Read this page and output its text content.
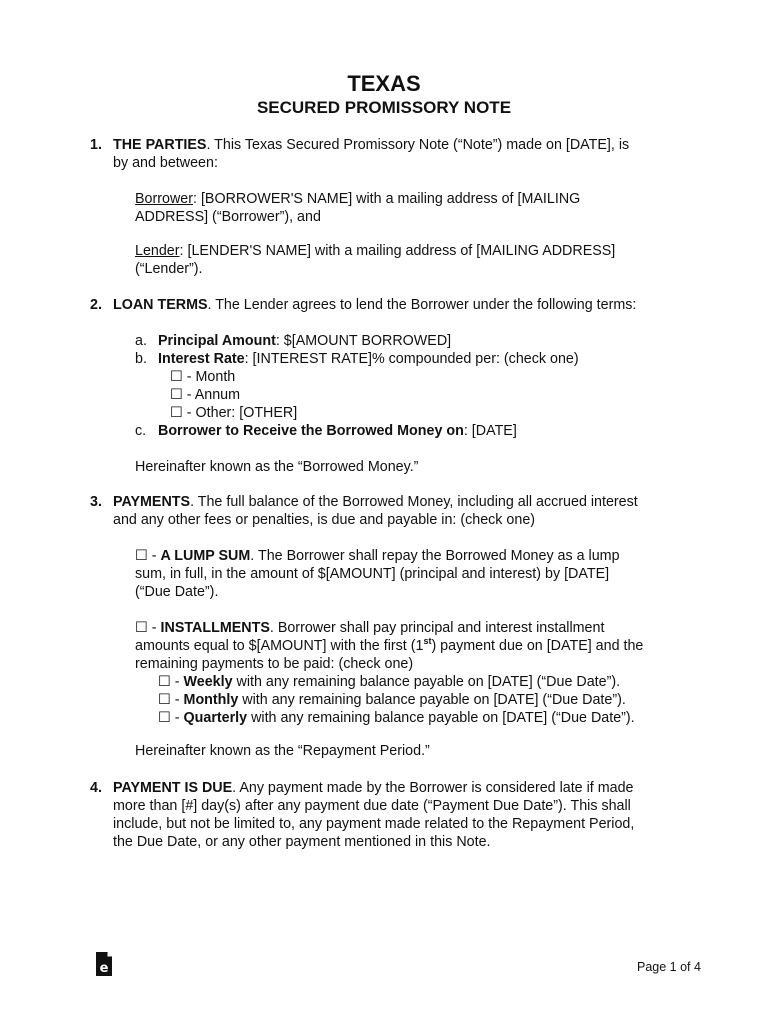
TEXAS
SECURED PROMISSORY NOTE
1. THE PARTIES. This Texas Secured Promissory Note (“Note”) made on [DATE], is
by and between:
Borrower: [BORROWER'S NAME] with a mailing address of [MAILING
ADDRESS] (“Borrower”), and
Lender: [LENDER'S NAME] with a mailing address of [MAILING ADDRESS]
(“Lender”).
2. LOAN TERMS. The Lender agrees to lend the Borrower under the following terms:
a. Principal Amount: $[AMOUNT BORROWED]
b. Interest Rate: [INTEREST RATE]% compounded per: (check one)
☐ - Month
☐ - Annum
☐ - Other: [OTHER]
c. Borrower to Receive the Borrowed Money on: [DATE]
Hereinafter known as the “Borrowed Money.”
3. PAYMENTS. The full balance of the Borrowed Money, including all accrued interest
and any other fees or penalties, is due and payable in: (check one)
☐ - A LUMP SUM. The Borrower shall repay the Borrowed Money as a lump
sum, in full, in the amount of $[AMOUNT] (principal and interest) by [DATE]
(“Due Date”).
☐ - INSTALLMENTS. Borrower shall pay principal and interest installment
amounts equal to $[AMOUNT] with the first (1st) payment due on [DATE] and the
remaining payments to be paid: (check one)
☐ - Weekly with any remaining balance payable on [DATE] (“Due Date”).
☐ - Monthly with any remaining balance payable on [DATE] (“Due Date”).
☐ - Quarterly with any remaining balance payable on [DATE] (“Due Date”).
Hereinafter known as the “Repayment Period.”
4. PAYMENT IS DUE. Any payment made by the Borrower is considered late if made
more than [#] day(s) after any payment due date (“Payment Due Date”). This shall
include, but not be limited to, any payment made related to the Repayment Period,
the Due Date, or any other payment mentioned in this Note.
e	Page 1 of 4
